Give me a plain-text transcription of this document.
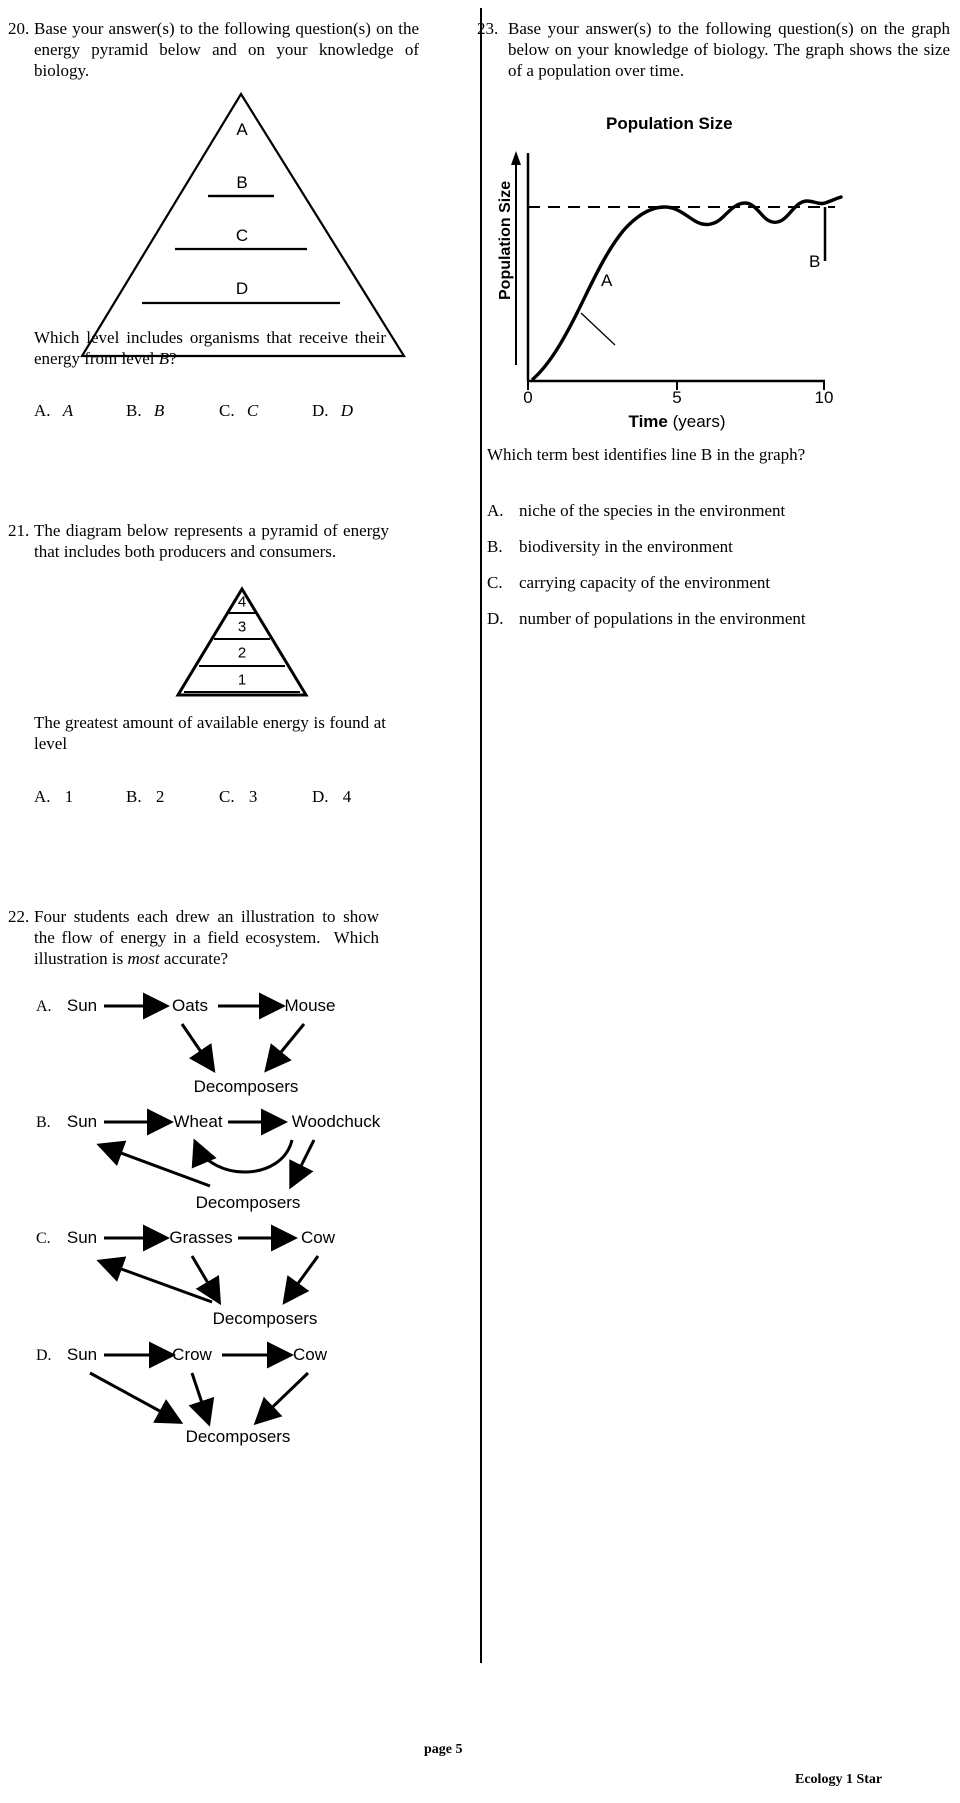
20. Base your answer(s) to the following question(s) on the energy pyramid below and on your knowledge of biology.
A
B
C
D
Which level includes organisms that receive their energy from level B?
A. A	B. B	C. C	D. D
21. The diagram below represents a pyramid of energy that includes both producers and consumers.
4
3
2
1
The greatest amount of available energy is found at level
A. 1	B. 2	C. 3	D. 4
22. Four students each drew an illustration to show the flow of energy in a field ecosystem.  Which illustration is most accurate?
A. Sun	Oats	Mouse
Decomposers
B. Sun	Wheat	Woodchuck
Decomposers
C. Sun	Grasses	Cow
Decomposers
D. Sun	Crow	Cow
Decomposers
23. Base your answer(s) to the following question(s) on the graph below on your knowledge of biology. The graph shows the size of a population over time.
Population Size
Population Size	A
B
0	5	10
Time (years)
Which term best identifies line B in the graph?
A. niche of the species in the environment
B. biodiversity in the environment
C. carrying capacity of the environment
D. number of populations in the environment
page 5
Ecology 1 Star
